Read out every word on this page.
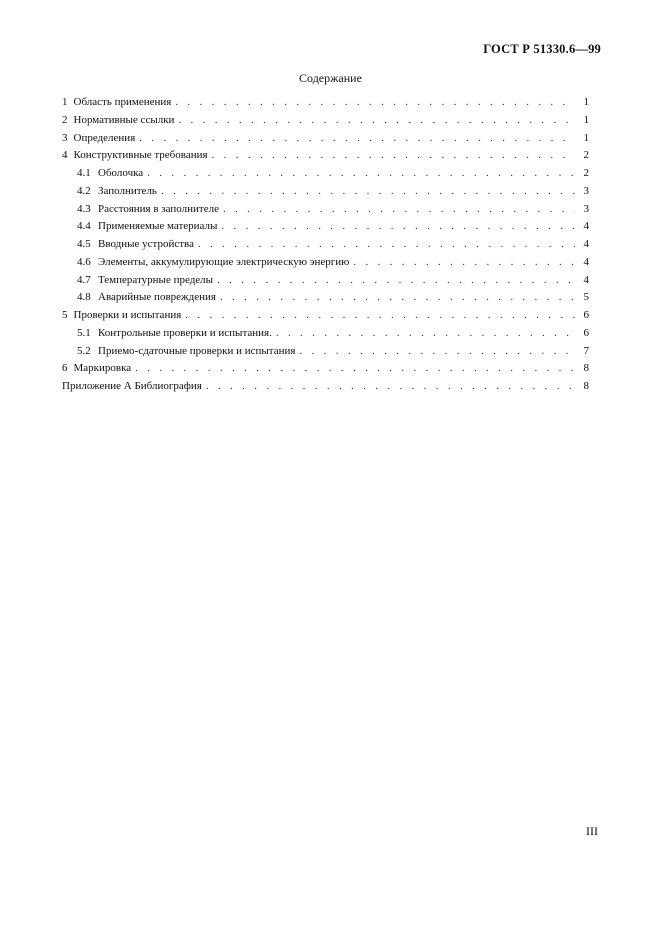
ГОСТ Р 51330.6—99
Содержание
1 Область применения . . .	1
2 Нормативные ссылки . . .	1
3 Определения . . .	1
4 Конструктивные требования . . .	2
4.1 Оболочка . . .	2
4.2 Заполнитель . . .	3
4.3 Расстояния в заполнителе . . .	3
4.4 Применяемые материалы . . .	4
4.5 Вводные устройства . . .	4
4.6 Элементы, аккумулирующие электрическую энергию . . .	4
4.7 Температурные пределы . . .	4
4.8 Аварийные повреждения . . .	5
5 Проверки и испытания . . .	6
5.1 Контрольные проверки и испытания. . . .	6
5.2 Приемо-сдаточные проверки и испытания . . .	7
6 Маркировка . . .	8
Приложение А Библиография . . .	8
III
